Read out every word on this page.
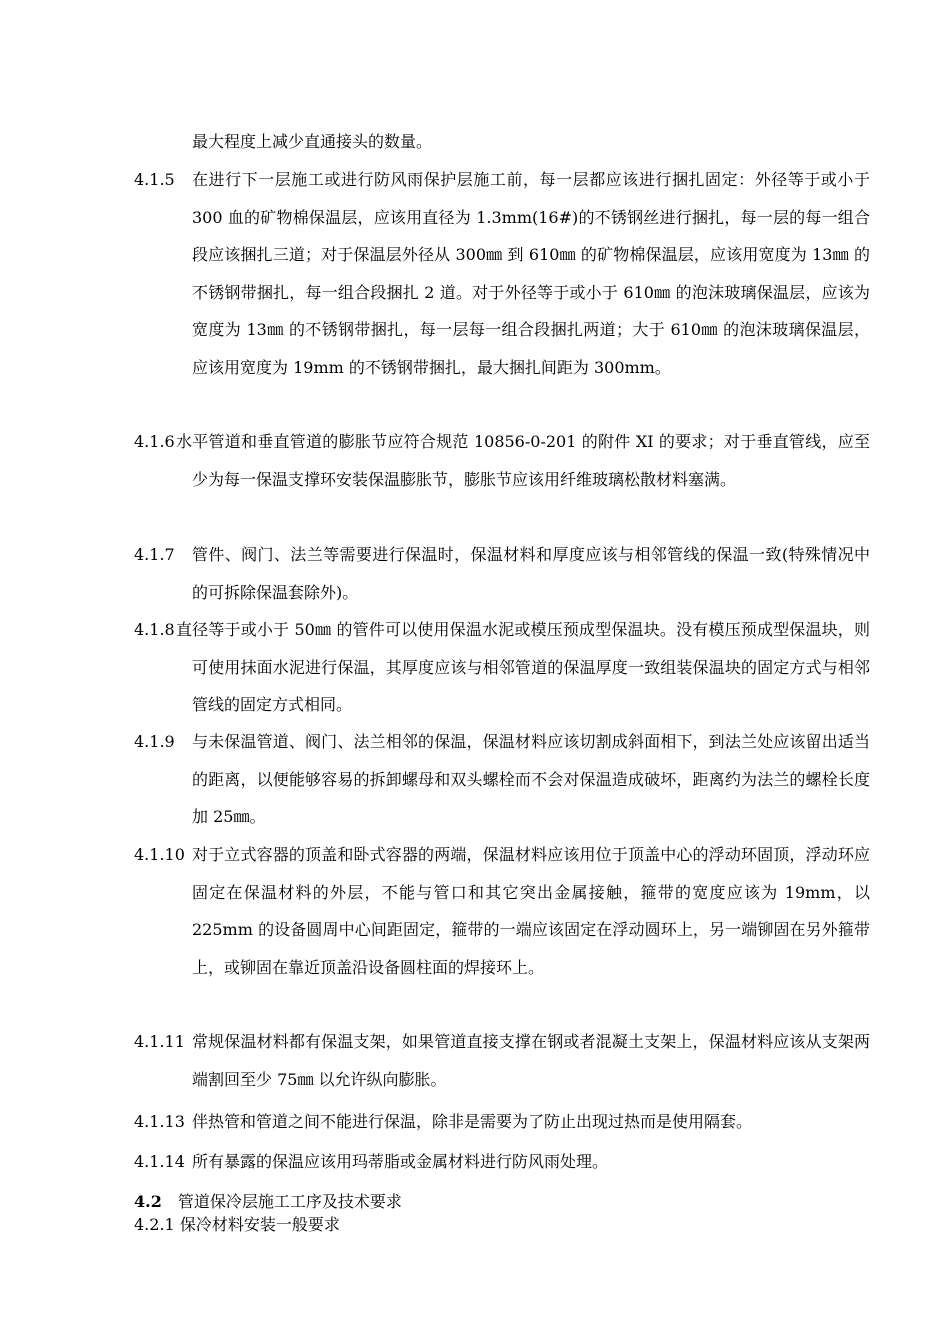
最大程度上减少直通接头的数量。
4.1.5	在进行下一层施工或进行防风雨保护层施工前，每一层都应该进行捆扎固定：外径等于或小于 300 血的矿物棉保温层，应该用直径为 1.3mm(16#)的不锈钢丝进行捆扎，每一层的每一组合段应该捆扎三道；对于保温层外径从 300㎜ 到 610㎜ 的矿物棉保温层，应该用宽度为 13㎜ 的不锈钢带捆扎，每一组合段捆扎 2 道。对于外径等于或小于 610㎜ 的泡沫玻璃保温层，应该为宽度为 13㎜ 的不锈钢带捆扎，每一层每一组合段捆扎两道；大于 610㎜ 的泡沫玻璃保温层，应该用宽度为 19mm 的不锈钢带捆扎，最大捆扎间距为 300mm。
4.1.6 水平管道和垂直管道的膨胀节应符合规范 10856-0-201 的附件 XI 的要求；对于垂直管线，应至少为每一保温支撑环安装保温膨胀节，膨胀节应该用纤维玻璃松散材料塞满。
4.1.7	管件、阀门、法兰等需要进行保温时，保温材料和厚度应该与相邻管线的保温一致(特殊情况中的可拆除保温套除外)。
4.1.8 直径等于或小于 50㎜ 的管件可以使用保温水泥或模压预成型保温块。没有模压预成型保温块，则可使用抹面水泥进行保温，其厚度应该与相邻管道的保温厚度一致组装保温块的固定方式与相邻管线的固定方式相同。
4.1.9	与未保温管道、阀门、法兰相邻的保温，保温材料应该切割成斜面相下，到法兰处应该留出适当的距离，以便能够容易的拆卸螺母和双头螺栓而不会对保温造成破坏，距离约为法兰的螺栓长度加 25㎜。
4.1.10 对于立式容器的顶盖和卧式容器的两端，保温材料应该用位于顶盖中心的浮动环固顶，浮动环应固定在保温材料的外层，不能与管口和其它突出金属接触，箍带的宽度应该为 19mm，以 225mm 的设备圆周中心间距固定，箍带的一端应该固定在浮动圆环上，另一端铆固在另外箍带上，或铆固在靠近顶盖沿设备圆柱面的焊接环上。
4.1.11 常规保温材料都有保温支架，如果管道直接支撑在钢或者混凝土支架上，保温材料应该从支架两端割回至少 75㎜ 以允许纵向膨胀。
4.1.13 伴热管和管道之间不能进行保温，除非是需要为了防止出现过热而是使用隔套。
4.1.14 所有暴露的保温应该用玛蒂脂或金属材料进行防风雨处理。
4.2 管道保冷层施工工序及技术要求
4.2.1 保冷材料安装一般要求
